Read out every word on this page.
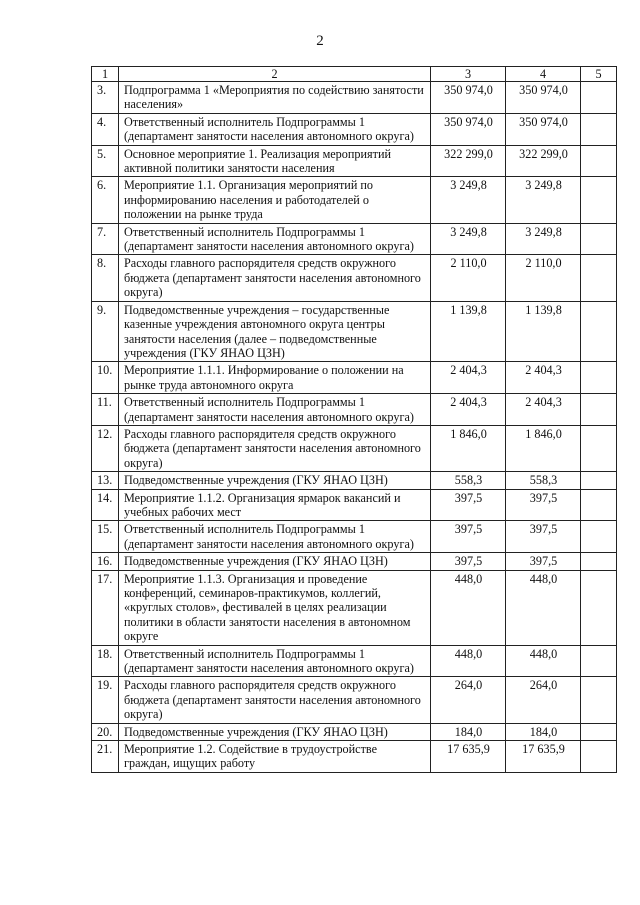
2
1	2	3	4	5
3.	Подпрограмма 1 «Мероприятия по содействию занятости населения»	350 974,0	350 974,0	
4.	Ответственный исполнитель Подпрограммы 1 (департамент занятости населения автономного округа)	350 974,0	350 974,0	
5.	Основное мероприятие 1. Реализация мероприятий активной политики занятости населения	322 299,0	322 299,0	
6.	Мероприятие 1.1. Организация мероприятий по информированию населения и работодателей о положении на рынке труда	3 249,8	3 249,8	
7.	Ответственный исполнитель Подпрограммы 1 (департамент занятости населения автономного округа)	3 249,8	3 249,8	
8.	Расходы главного распорядителя средств окружного бюджета (департамент занятости населения автономного округа)	2 110,0	2 110,0	
9.	Подведомственные учреждения – государственные казенные учреждения автономного округа центры занятости населения (далее – подведомственные учреждения (ГКУ ЯНАО ЦЗН)	1 139,8	1 139,8	
10.	Мероприятие 1.1.1. Информирование о положении на рынке труда автономного округа	2 404,3	2 404,3	
11.	Ответственный исполнитель Подпрограммы 1 (департамент занятости населения автономного округа)	2 404,3	2 404,3	
12.	Расходы главного распорядителя средств окружного бюджета (департамент занятости населения автономного округа)	1 846,0	1 846,0	
13.	Подведомственные учреждения (ГКУ ЯНАО ЦЗН)	558,3	558,3	
14.	Мероприятие 1.1.2. Организация ярмарок вакансий и учебных рабочих мест	397,5	397,5	
15.	Ответственный исполнитель Подпрограммы 1 (департамент занятости населения автономного округа)	397,5	397,5	
16.	Подведомственные учреждения (ГКУ ЯНАО ЦЗН)	397,5	397,5	
17.	Мероприятие 1.1.3. Организация и проведение конференций, семинаров-практикумов, коллегий, «круглых столов», фестивалей в целях реализации политики в области занятости населения в автономном округе	448,0	448,0	
18.	Ответственный исполнитель Подпрограммы 1 (департамент занятости населения автономного округа)	448,0	448,0	
19.	Расходы главного распорядителя средств окружного бюджета (департамент занятости населения автономного округа)	264,0	264,0	
20.	Подведомственные учреждения (ГКУ ЯНАО ЦЗН)	184,0	184,0	
21.	Мероприятие 1.2. Содействие в трудоустройстве граждан, ищущих работу	17 635,9	17 635,9	
